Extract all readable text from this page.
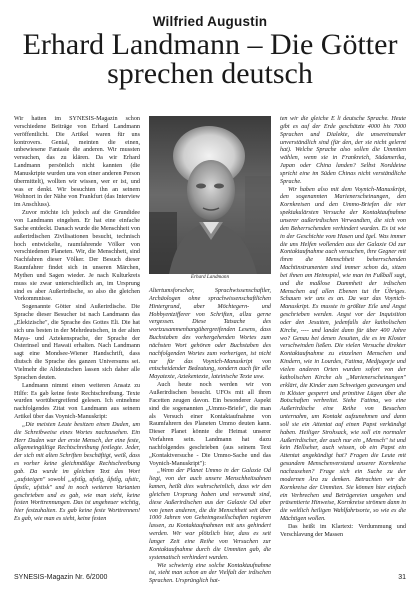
Wilfried Augustin
Erhard Landmann – Die Götter
sprechen deutsch

Wir hatten im SYNESIS-Magazin schon verschiedene Beiträge von Erhard Landmann veröffentlicht. Die Artikel waren für uns kontrovers. Genial, meinten die einen, unbewiesene Fantasie die anderen. Wir mussten versuchen, das zu klären. Da wir Erhard Landmann persönlich nicht kannten (die Manuskripte wurden uns von einer anderen Person übermittelt), wollten wir wissen, wer er ist, und was er denkt. Wir besuchten ihn an seinem Wohnort in der Nähe von Frankfurt (das Interview im Anschluss).

Zuvor möchte ich jedoch auf die Grundidee von Landmann eingehen. Er hat eine einfache Sache entdeckt. Danach wurde die Menschheit von außerirdischen Zivilisationen besucht, technisch hoch entwickelte, raumfahrende Völker von verschiedenen Planeten. Wir, die Menschheit, sind Nachfahren dieser Völker. Der Besuch dieser Raumfahrer findet sich in unseren Märchen, Mythen und Sagen wieder. Je nach Kulturkreis muss sie zwar unterschiedlich an, im Ursprung sind es aber Außerirdische, so also die gleichen Vorkommnisse.

Sogenannte Götter sind Außerirdische. Die Sprache dieser Besucher ist nach Landmann das „Elekizische", die Sprache des Gottes Eli. Die hat sich uns besten in der Mehrdeutschen, in der alten Maya- und Aztekensprache, der Sprache der Osterinsel und Hawaii erhalten. Nach Landmann sagt eine Mondsee-Wiener Handschrift, dass diutsch die Sprache des ganzen Universums sei. Vielmehr die Altdeutschen lassen sich daher alle Sprachen deuten.

Landmann nimmt einen weiteren Ansatz zu Hilfe: Es gab keine feste Rechtschreibung. Texte wurden wortübergreifend gelesen. Ich entnehme nachfolgendes Zitat von Landmann aus seinem Artikel über das Voynich-Manuskript:

„Die meisten Leute besitzen einen Duden, um die Schreibweise eines Wortes nachzusehen. Ein Herr Duden war der erste Mensch, der eine feste, allgemeingültige Rechtschreibung festlegte. Jeder, der sich mit alten Schriften beschäftigt, weiß, dass es vorher keine gleichmäßige Rechtschreibung gab. Da wurde im gleichen Text das Wort „aufsteigen" sowohl „ufstîg, ufstîg, ûfstîg, ufstic, ûpstîc, ufstisk" und in noch weiteren Varianten geschrieben und es gab, wie man sieht, keine festen Worttrennungen. Das ist ungeheuer wichtig, hier festzuhalten. Es gab keine feste Worttrennen! Es gab, wie man es sieht, keine festen

Erhard Landmann

Altertumsforscher, Sprachwissenschaftler, Archäologen ohne sprachwissenschaftlichen Hintergrund, aber Möchtegern- und Hobbyentzifferer von Schriften, allzu gerne vergessen. Diese Tatsache des wortzusammenhangübergreifenden Lesens, dass Buchstaben des vorhergehenden Wortes zum nächsten Wort gehören oder Buchstaben des nachfolgenden Wortes zum vorherigen, ist nicht nur für das Voynich-Manuskript von entscheidender Bedeutung, sondern auch für alle Mayatexte, Aztekentexte, lateinische Texte usw.

Auch heute noch werden wir von Außerirdischen besucht. UFOs mit all ihren Facetten zeugen davon. Ein besonderer Aspekt sind die sogenannten „Ummo-Briefe", die man als Versuch einer Kontaktaufnahme von Raumfahrern des Planeten Ummo deuten kann. Dieser Planet könnte die Heimat unserer Vorfahren sein. Landmann hat dazu nachfolgendes geschrieben (aus seinem Text „Kontaktversuche - Die Ummo-Sache und das Voynich-Manuskript"):

„Wenn der Planet Ummo in der Galaxie Od liegt, von der auch unsere Menschheitsahnen kamen, heißt dies wahrscheinlich, dass wir den gleichen Ursprung haben und verwandt sind, diese Außerirdischen aus der Galaxie Od aber von jenen anderen, die die Menschheit seit über 1000 Jahren von Geheimgesellschaften regieren lassen, zu Kontaktaufnahmen mit uns gehindert werden. Wir war plötzlich hier, dass es seit langer Zeit eine Reihe von Versuchen zur Kontaktaufnahme durch die Ummiten gab, die systematisch verhindert wurden.

Wie schwierig eine solche Kontaktaufnahme ist, sieht man schon an der Vielfalt der irdischen Sprachen. Ursprünglich hat-

ten wir die gleiche E li deutsche Sprache. Heute gibt es auf der Erde geschätzte 4000 bis 7000 Sprachen und Dialekte, die unsereinander unverständlich sind (für den, der sie nicht gelernt hat). Welche Sprache also sollen die Ummiten wählen, wenn sie in Frankreich, Südamerika, Japan oder China landen? Selbst Norddeine spricht eine im Süden Chinas nicht verständliche Sprache.

Wir haben also mit dem Voynich-Manuskript, den sogenannten Marienerscheinungen, den Kornkreisen und den Ummo-Briefen die vier spektakulärsten Versuche der Kontaktaufnahme unserer außerirdischen Verwandten, die sich von den Beherrschenden verhindert wurden. Es ist wie in der Geschichte vom Hasen und Igel. Was immer die uns Helfen wollenden aus der Galaxie Od zur Kontaktaufnahme auch versuchen, ihre Gegner mit ihren die Menschheit beherrschenden Machtinstrumenten sind immer schon da, sitzen bei ihnen am Heimspiel, wie man im Fußball sagt, und die maßlose Dummheit der irdischen Menschen auf allen Ebenen tut ihr Übriges. Schauen wir uns es an. Da war das Voynich-Manuskript. Es musste in größter Eile und Angst geschrieben werden. Angst vor der Inquisition oder den Jesuiten, jedenfalls der katholischen Kirche, ---- und landet dann für über 400 Jahre wo? Genau bei denen Jesuiten, die es im Kloster verschwinden ließen. Die vielen Versuche direkter Kontaktaufnahme zu einzelnen Menschen und Kindern, wie in Lourdes, Fatima, Medjugorje und vielen anderen Orten wurden sofort von der katholischen Kirche als „Marienerscheinungen" erklärt, die Kinder zum Schweigen gezwungen und in Klöster gesperrt und primitive Lügen über die Botschaften verbreitet. Siehe Fatima, wo eine Außerirdische eine Reihe von Besuchen unternahm, um Kontakt aufzunehmen und dann soll sie ein Attentat auf einen Papst verkündigt haben. Heiliger Strohsack, wie soll ein normaler Außerirdischer, der auch nur ein „Mensch" ist und kein Hellseher, auch wissen, ob ein Papst ein Attentat angekündigt hat? Fragen die Leute mit gesundem Menschenverstand unserer Kornkreise nachzusehen? Frage sich ein Suche zu der modernen Ära zu denken. Betrachten wir die Kornkreise der Ummiten. Sie können hier einfach ein Verbrechen und Betrügereien umgehen und präsentierte Hinweise, Kornkreise strömen dann in die weltlich heiligen Wahlfahrtsorte, so wie es die Mächtigen wollen.

Das heißt im Klartext: Verdummung und Verschlavung der Massen

SYNESIS-Magazin Nr. 6/2000	31
